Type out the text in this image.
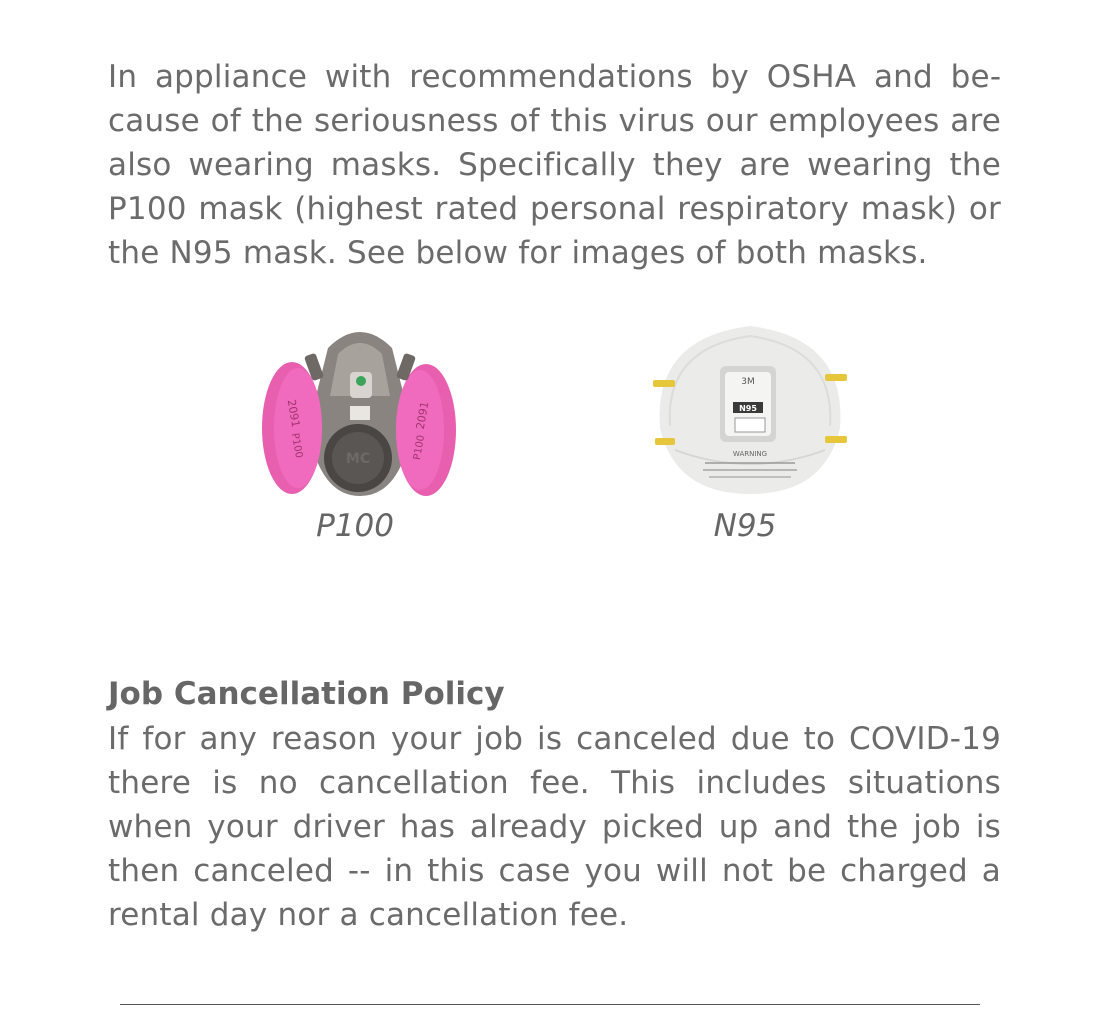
In appliance with recommendations by OSHA and because of the seriousness of this virus our employees are also wearing masks. Specifically they are wearing the P100 mask (highest rated personal respiratory mask) or the N95 mask. See below for images of both masks.

MC
2091
P100
2091
P100
P100
3M
N95
WARNING
N95
Job Cancellation Policy

If for any reason your job is canceled due to COVID-19 there is no cancellation fee. This includes situations when your driver has already picked up and the job is then canceled -- in this case you will not be charged a rental day nor a cancellation fee.
